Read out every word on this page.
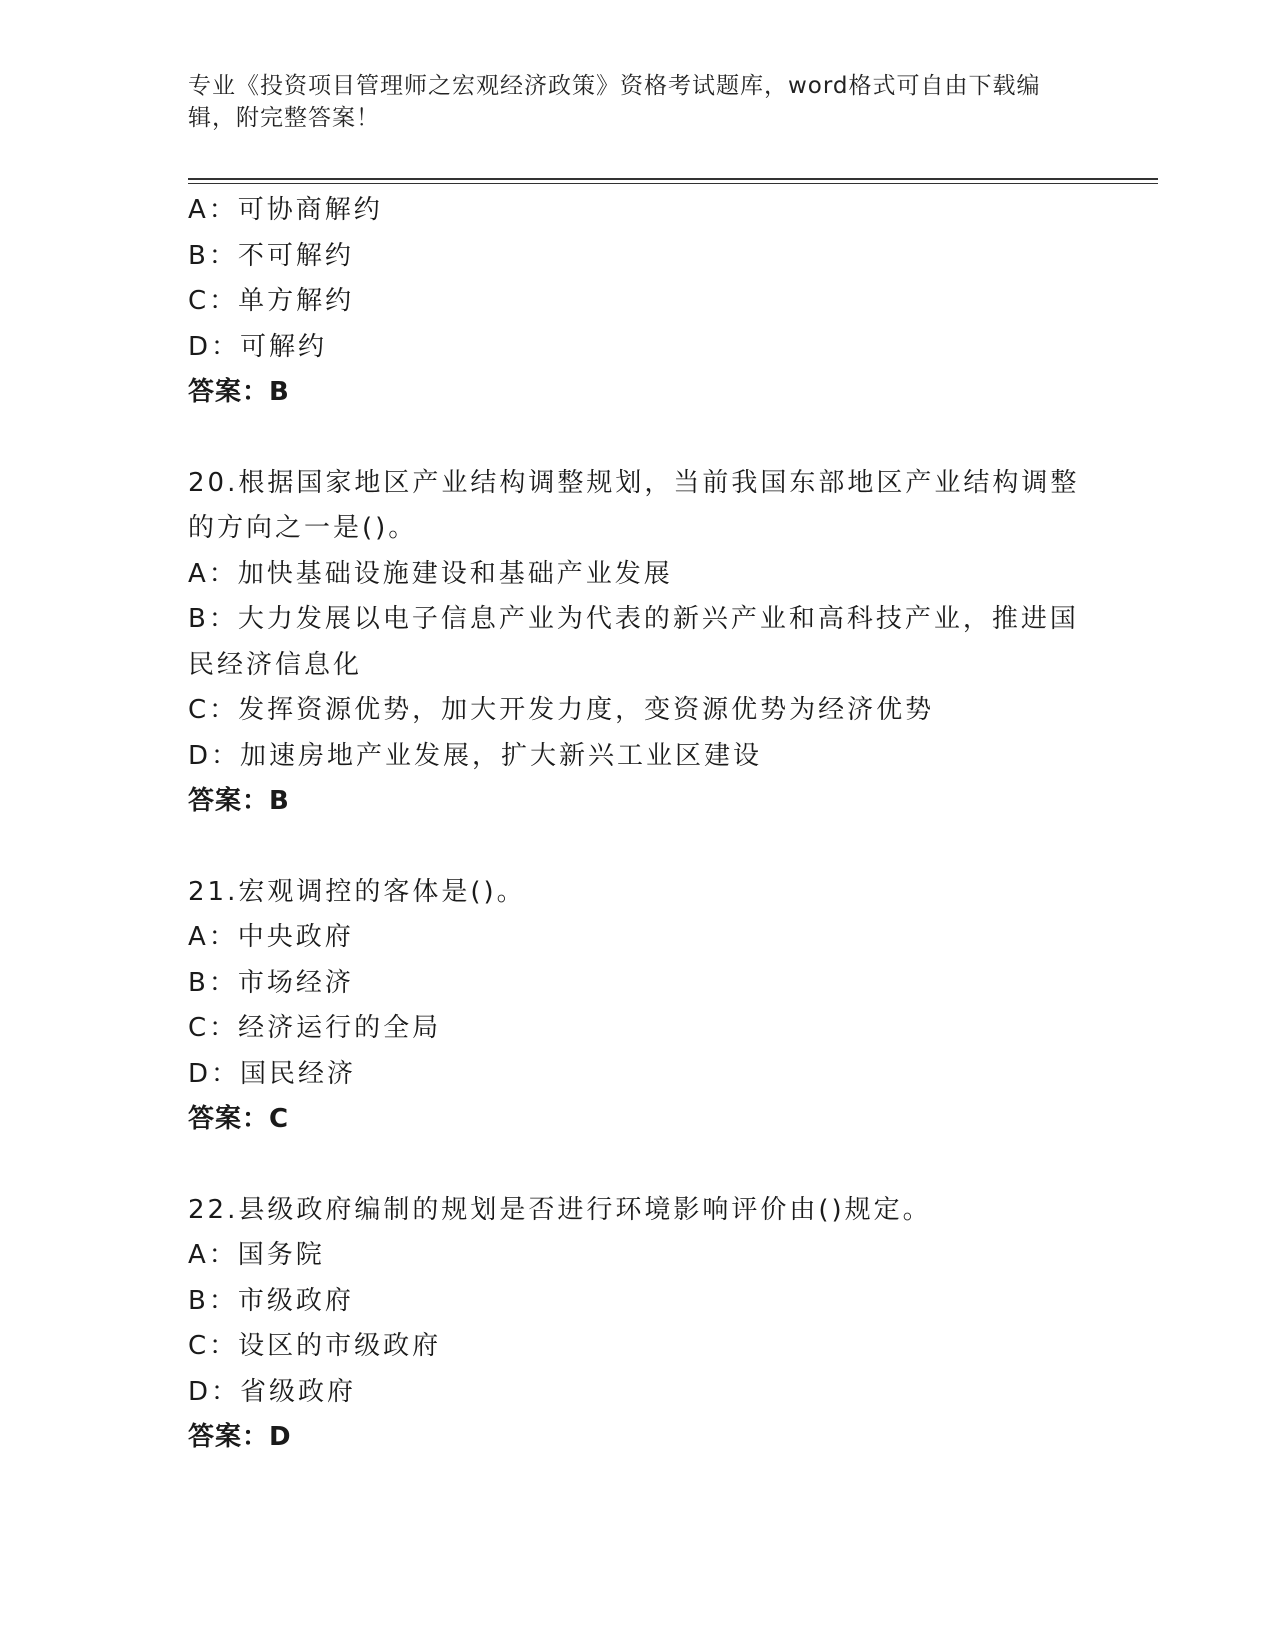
专业《投资项目管理师之宏观经济政策》资格考试题库，word格式可自由下载编辑，附完整答案！
A：可协商解约
B：不可解约
C：单方解约
D：可解约
答案：B
20.根据国家地区产业结构调整规划，当前我国东部地区产业结构调整的方向之一是()。
A：加快基础设施建设和基础产业发展
B：大力发展以电子信息产业为代表的新兴产业和高科技产业，推进国民经济信息化
C：发挥资源优势，加大开发力度，变资源优势为经济优势
D：加速房地产业发展，扩大新兴工业区建设
答案：B
21.宏观调控的客体是()。
A：中央政府
B：市场经济
C：经济运行的全局
D：国民经济
答案：C
22.县级政府编制的规划是否进行环境影响评价由()规定。
A：国务院
B：市级政府
C：设区的市级政府
D：省级政府
答案：D
